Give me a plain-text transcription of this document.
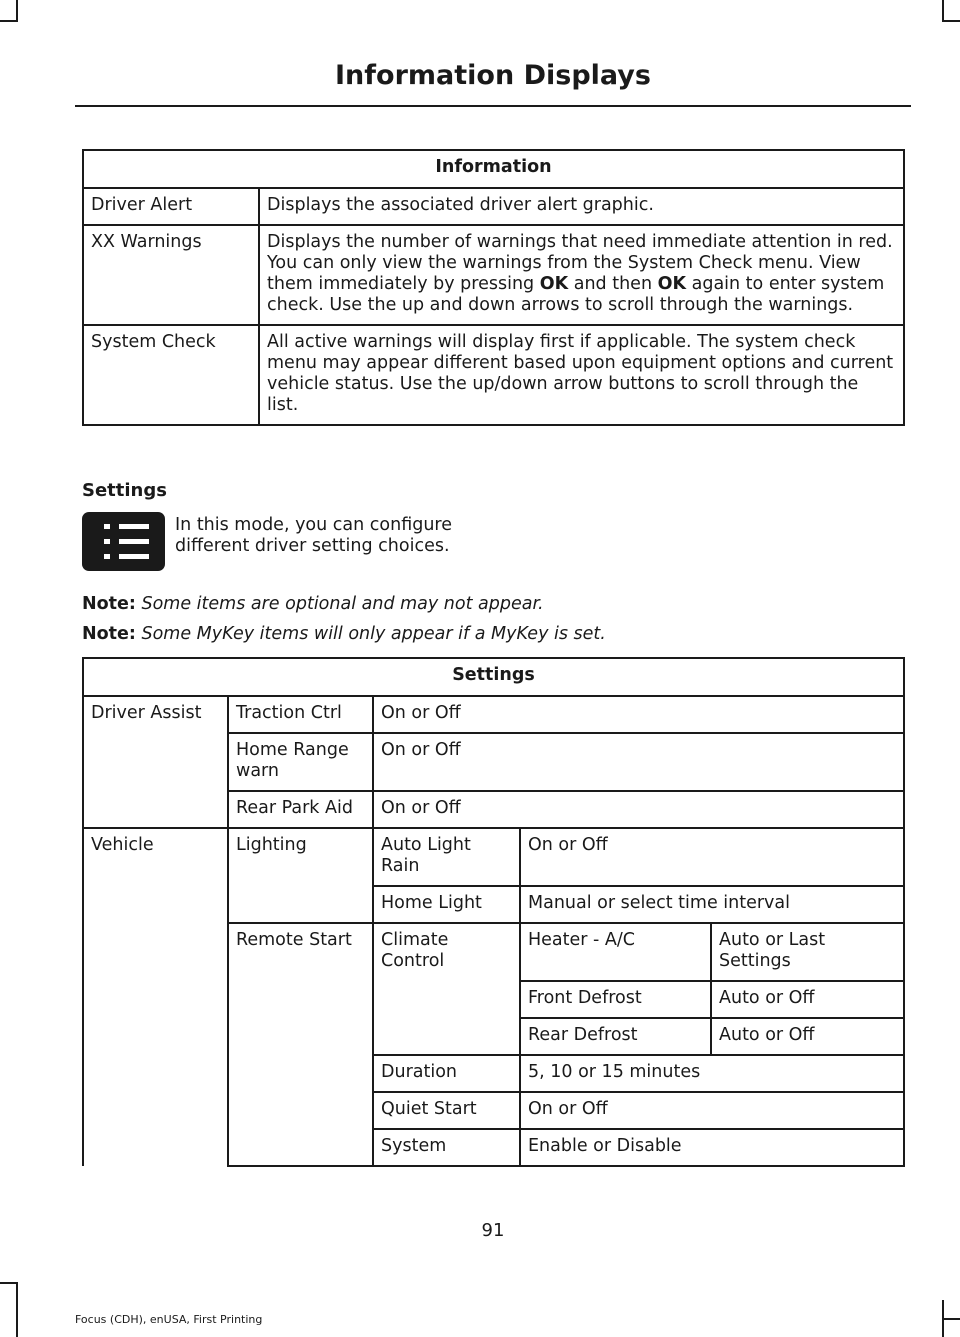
Information Displays
Information	
Driver Alert	Displays the associated driver alert graphic.
XX Warnings	Displays the number of warnings that need immediate attention in red. You can only view the warnings from the System Check menu. View them immediately by pressing OK and then OK again to enter system check. Use the up and down arrows to scroll through the warnings.
System Check	All active warnings will display first if applicable. The system check menu may appear different based upon equipment options and current vehicle status. Use the up/down arrow buttons to scroll through the list.
Settings
In this mode, you can configure different driver setting choices.
Note: Some items are optional and may not appear.
Note: Some MyKey items will only appear if a MyKey is set.
Settings				
Driver Assist	Traction Ctrl	On or Off		
	Home Range warn	On or Off		
	Rear Park Aid	On or Off		
Vehicle	Lighting	Auto Light Rain	On or Off	
		Home Light	Manual or select time interval	
	Remote Start	Climate Control	Heater - A/C	Auto or Last Settings
			Front Defrost	Auto or Off
			Rear Defrost	Auto or Off
		Duration	5, 10 or 15 minutes	
		Quiet Start	On or Off	
		System	Enable or Disable	
91
Focus (CDH), enUSA, First Printing
